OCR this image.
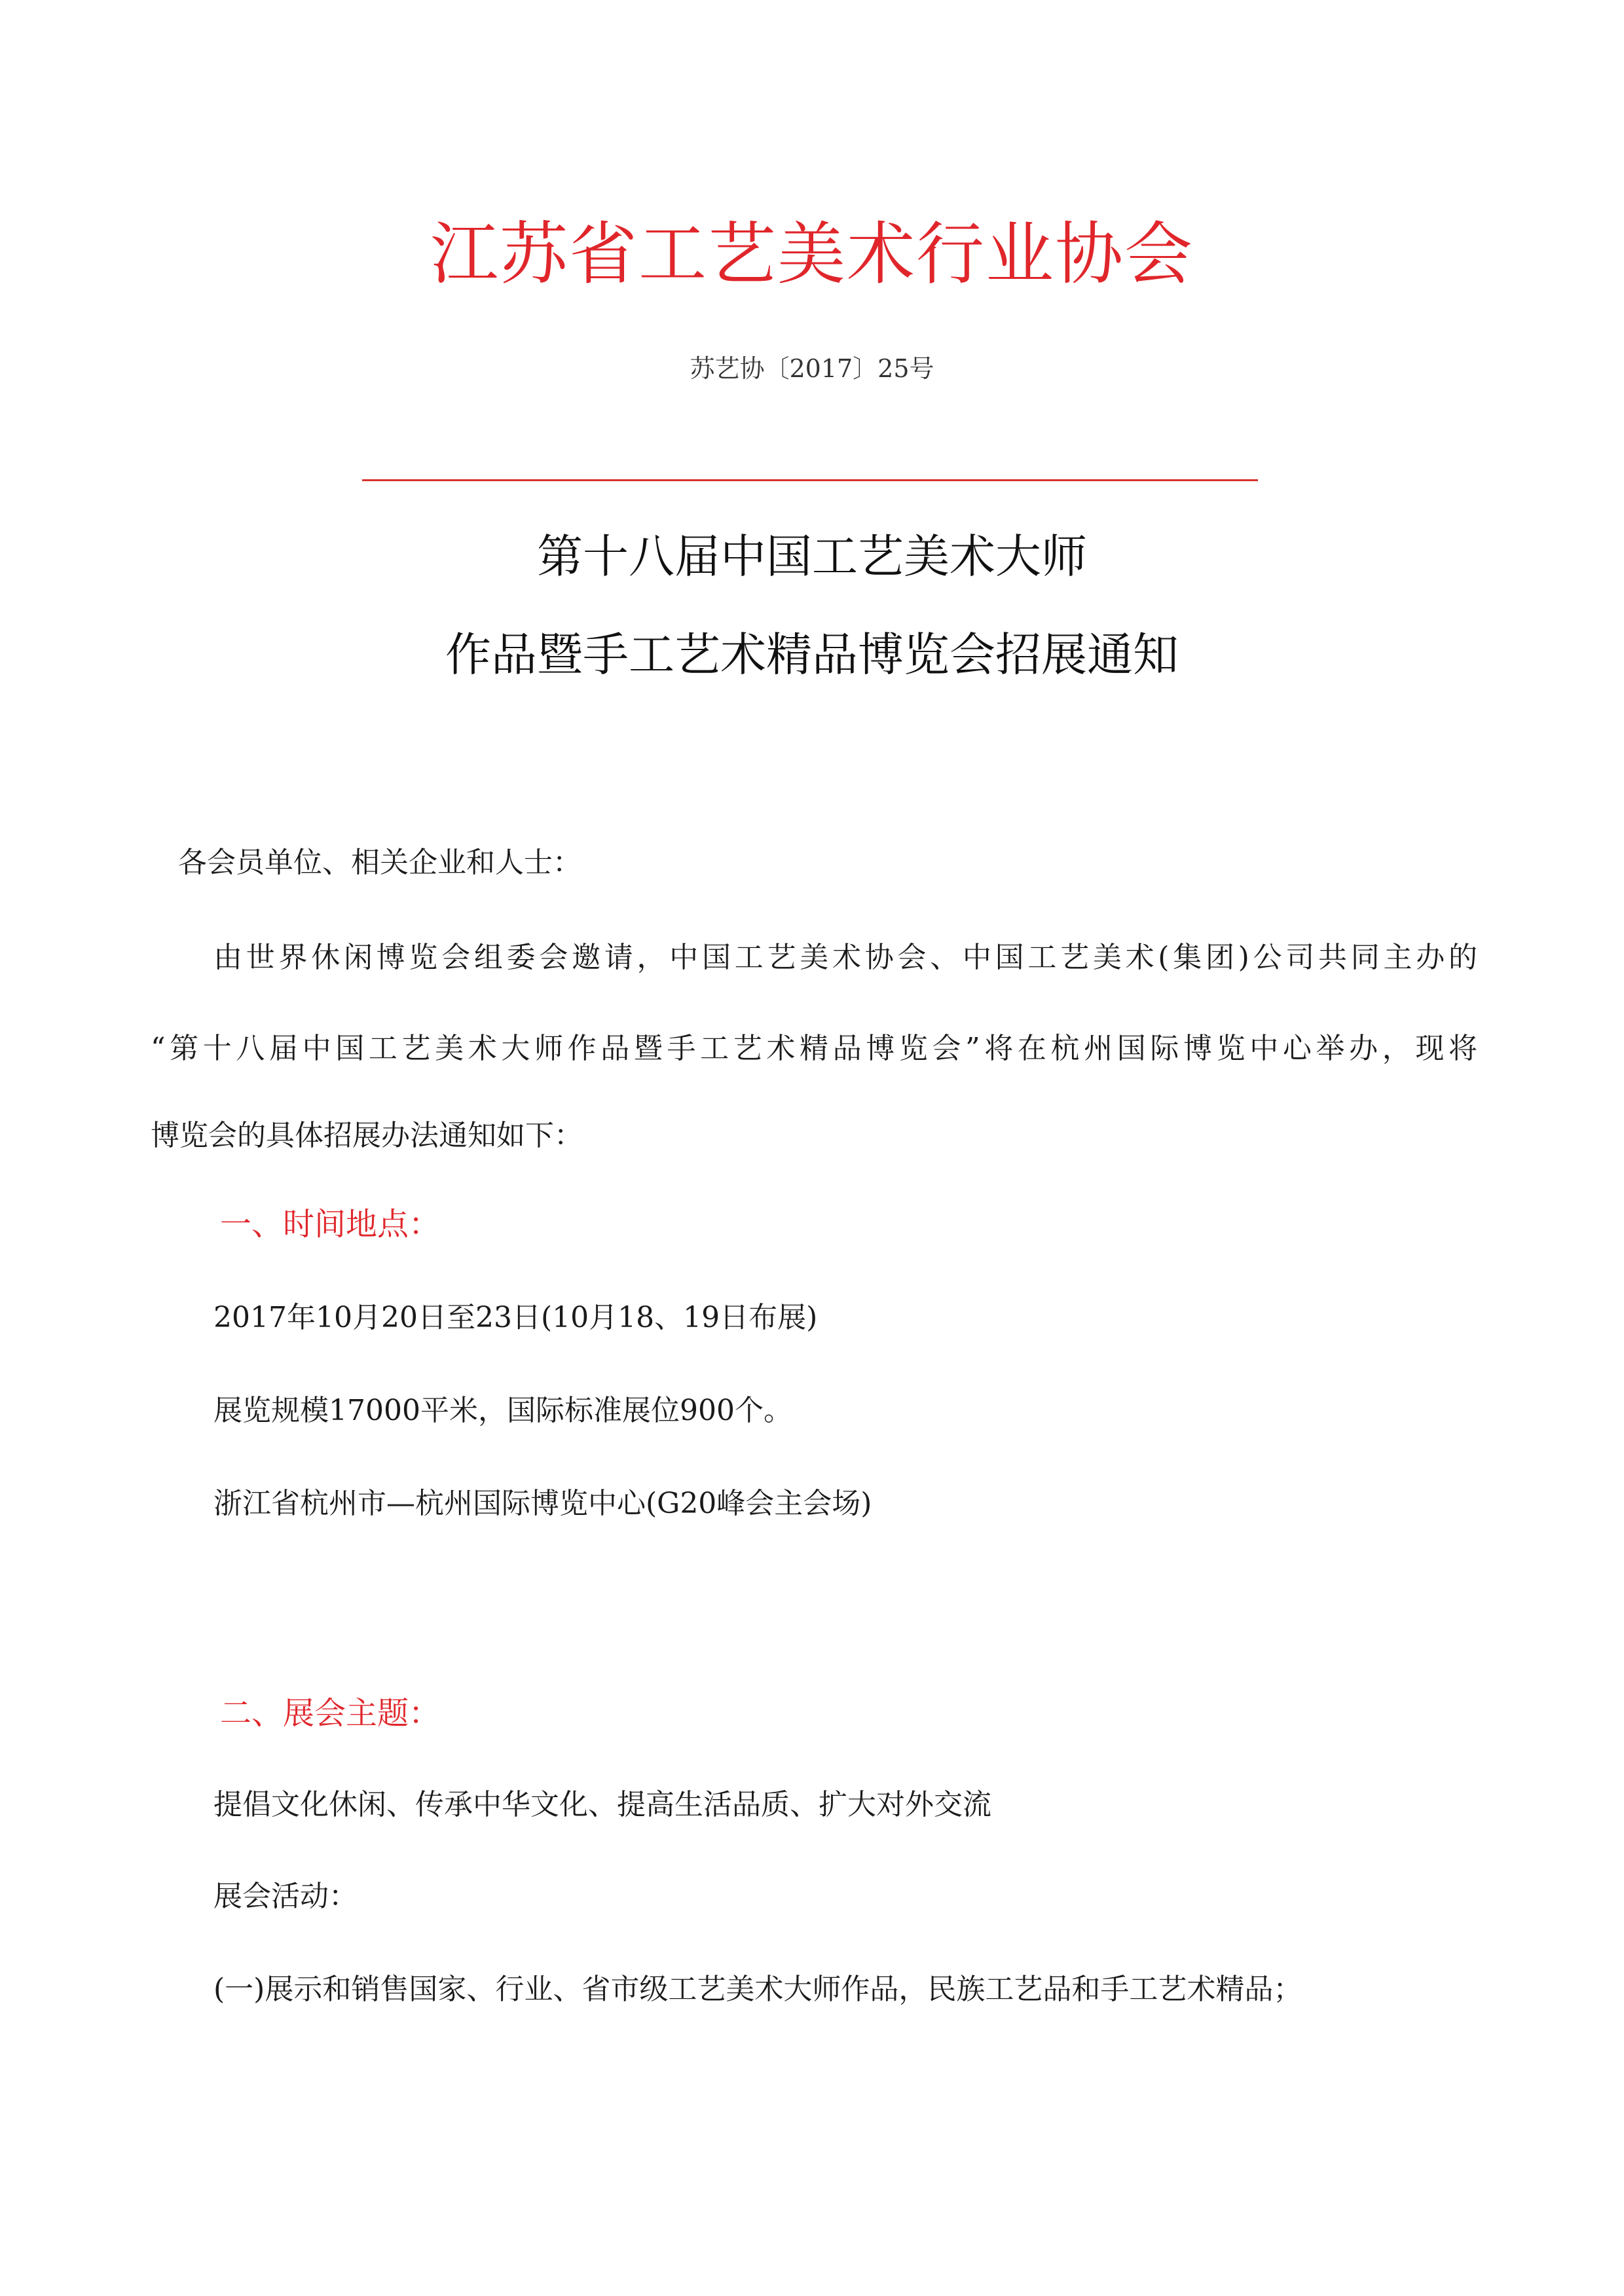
江苏省工艺美术行业协会
苏艺协〔2017〕25号
第十八届中国工艺美术大师
作品暨手工艺术精品博览会招展通知
各会员单位、相关企业和人士：
由世界休闲博览会组委会邀请，中国工艺美术协会、中国工艺美术(集团)公司共同主办的
“第十八届中国工艺美术大师作品暨手工艺术精品博览会”将在杭州国际博览中心举办，现将
博览会的具体招展办法通知如下：
一、时间地点：
2017年10月20日至23日(10月18、19日布展)
展览规模17000平米，国际标准展位900个。
浙江省杭州市—杭州国际博览中心(G20峰会主会场)
二、展会主题：
提倡文化休闲、传承中华文化、提高生活品质、扩大对外交流
展会活动：
(一)展示和销售国家、行业、省市级工艺美术大师作品，民族工艺品和手工艺术精品；
